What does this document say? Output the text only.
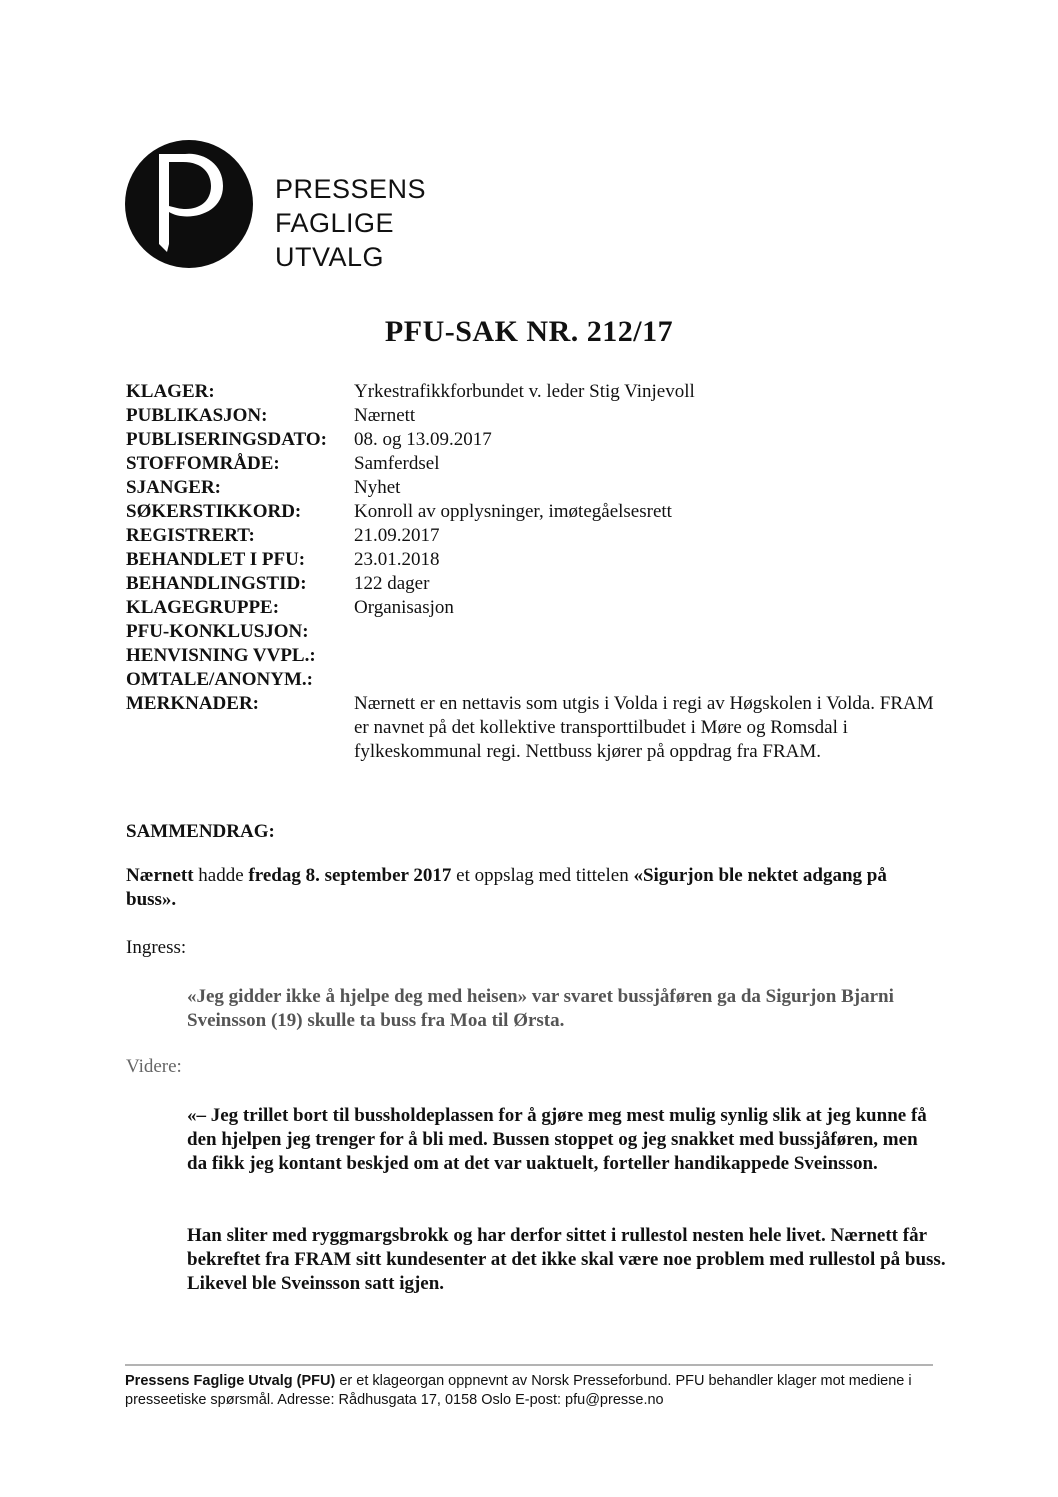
PRESSENS
FAGLIGE UTVALG
PFU-SAK NR. 212/17
KLAGER:	Yrkestrafikkforbundet v. leder Stig Vinjevoll
PUBLIKASJON:	Nærnett
PUBLISERINGSDATO:	08. og 13.09.2017
STOFFOMRÅDE:	Samferdsel
SJANGER:	Nyhet
SØKERSTIKKORD:	Konroll av opplysninger, imøtegåelsesrett
REGISTRERT:	21.09.2017
BEHANDLET I PFU:	23.01.2018
BEHANDLINGSTID:	122 dager
KLAGEGRUPPE:	Organisasjon
PFU-KONKLUSJON:
HENVISNING VVPL.:
OMTALE/ANONYM.:
MERKNADER:	Nærnett er en nettavis som utgis i Volda i regi av Høgskolen i Volda. FRAM er navnet på det kollektive transporttilbudet i Møre og Romsdal i fylkeskommunal regi. Nettbuss kjører på oppdrag fra FRAM.
SAMMENDRAG:
Nærnett hadde fredag 8. september 2017 et oppslag med tittelen «Sigurjon ble nektet adgang på buss».
Ingress:
«Jeg gidder ikke å hjelpe deg med heisen» var svaret bussjåføren ga da Sigurjon Bjarni Sveinsson (19) skulle ta buss fra Moa til Ørsta.
Videre:

«– Jeg trillet bort til bussholdeplassen for å gjøre meg mest mulig synlig slik at jeg kunne få den hjelpen jeg trenger for å bli med. Bussen stoppet og jeg snakket med bussjåføren, men da fikk jeg kontant beskjed om at det var uaktuelt, forteller handikappede Sveinsson.

Han sliter med ryggmargsbrokk og har derfor sittet i rullestol nesten hele livet. Nærnett får bekreftet fra FRAM sitt kundesenter at det ikke skal være noe problem med rullestol på buss. Likevel ble Sveinsson satt igjen.

Pressens Faglige Utvalg (PFU) er et klageorgan oppnevnt av Norsk Presseforbund. PFU behandler klager mot mediene i presseetiske spørsmål. Adresse: Rådhusgata 17, 0158 Oslo E-post: pfu@presse.no
